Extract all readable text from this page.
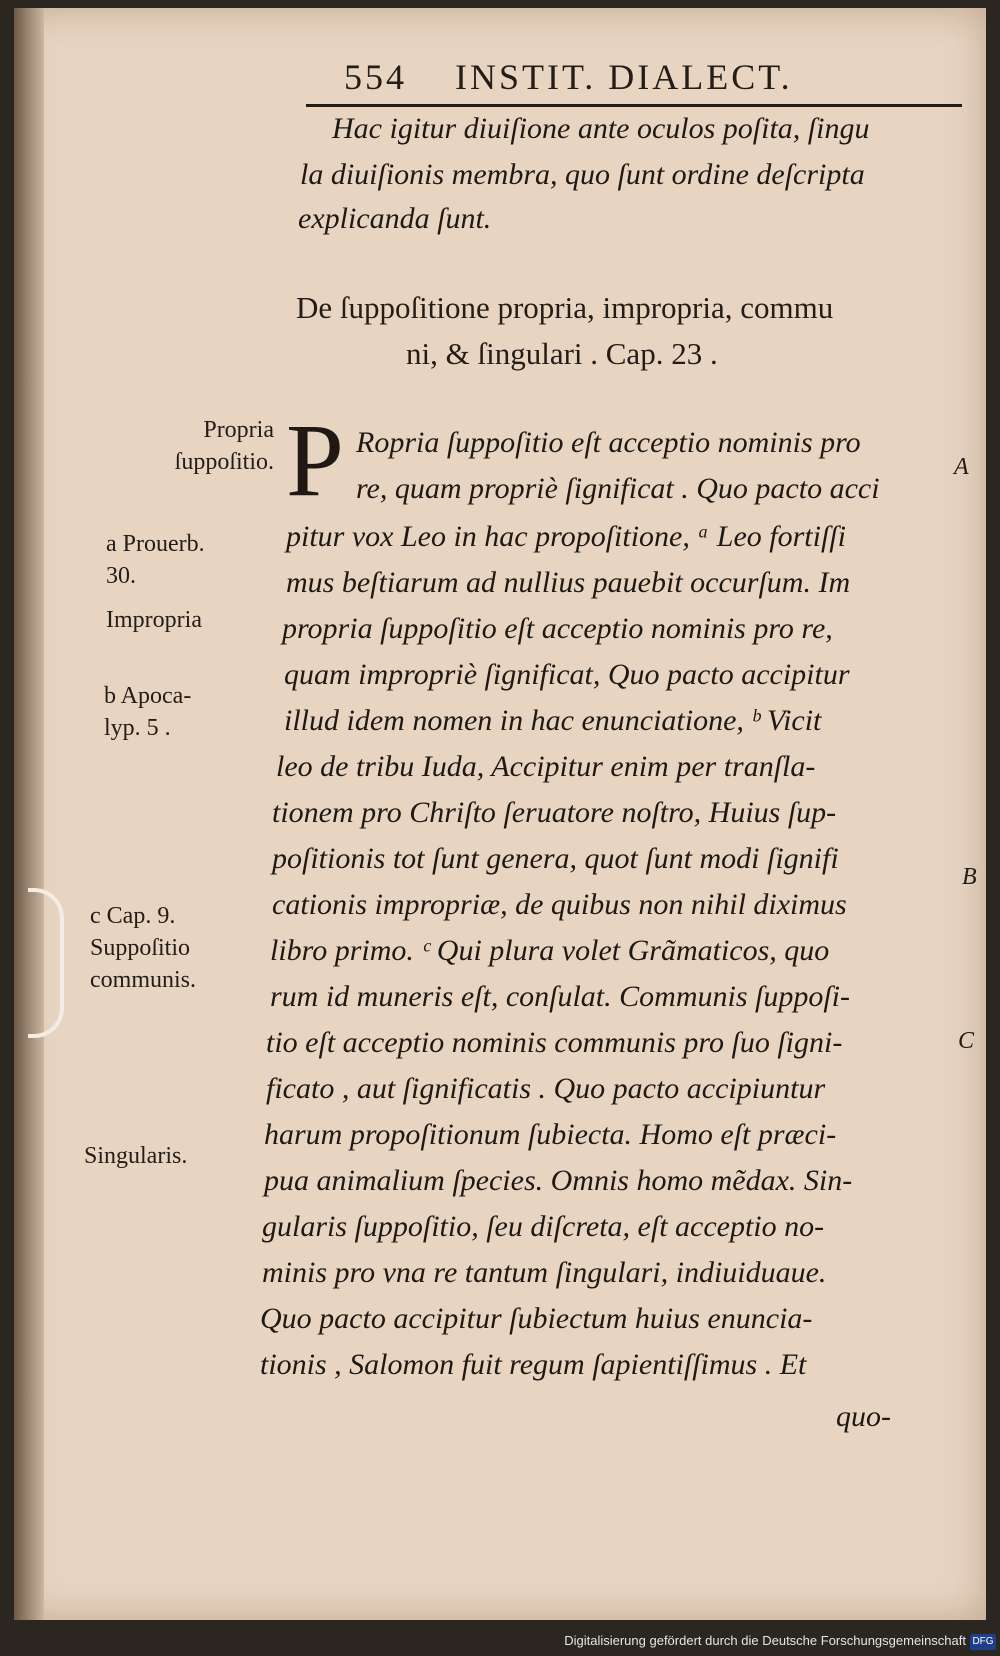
554 INSTIT. DIALECT.
Hac igitur diuiſione ante oculos poſita, ſingu
la diuiſionis membra, quo ſunt ordine deſcripta
explicanda ſunt.
De ſuppoſitione propria, impropria, commu
ni, & ſingulari . Cap. 23 .
P Ropria ſuppoſitio eſt acceptio nominis pro
re, quam propriè ſignificat . Quo pacto acci
pitur vox Leo in hac propoſitione, ᵃ Leo fortiſſi
mus beſtiarum ad nullius pauebit occurſum. Im
propria ſuppoſitio eſt acceptio nominis pro re,
quam impropriè ſignificat, Quo pacto accipitur
illud idem nomen in hac enunciatione, ᵇ Vicit
leo de tribu Iuda, Accipitur enim per tranſla-
tionem pro Chriſto ſeruatore noſtro, Huius ſup-
poſitionis tot ſunt genera, quot ſunt modi ſignifi
cationis impropriæ, de quibus non nihil diximus
libro primo. ᶜ Qui plura volet Grãmaticos, quo
rum id muneris eſt, conſulat. Communis ſuppoſi-
tio eſt acceptio nominis communis pro ſuo ſigni-
ficato , aut ſignificatis . Quo pacto accipiuntur
harum propoſitionum ſubiecta. Homo eſt præci-
pua animalium ſpecies. Omnis homo mẽdax. Sin-
gularis ſuppoſitio, ſeu diſcreta, eſt acceptio no-
minis pro vna re tantum ſingulari, indiuiduaue.
Quo pacto accipitur ſubiectum huius enuncia-
tionis , Salomon fuit regum ſapientiſſimus . Et
quo-
Propria
ſuppoſitio.
a Prouerb.
30.
Impropria
b Apoca-
lyp. 5 .
c Cap. 9.
Suppoſitio
communis.
Singularis.
A
B
C
Digitalisierung gefördert durch die Deutsche Forschungsgemeinschaft DFG
